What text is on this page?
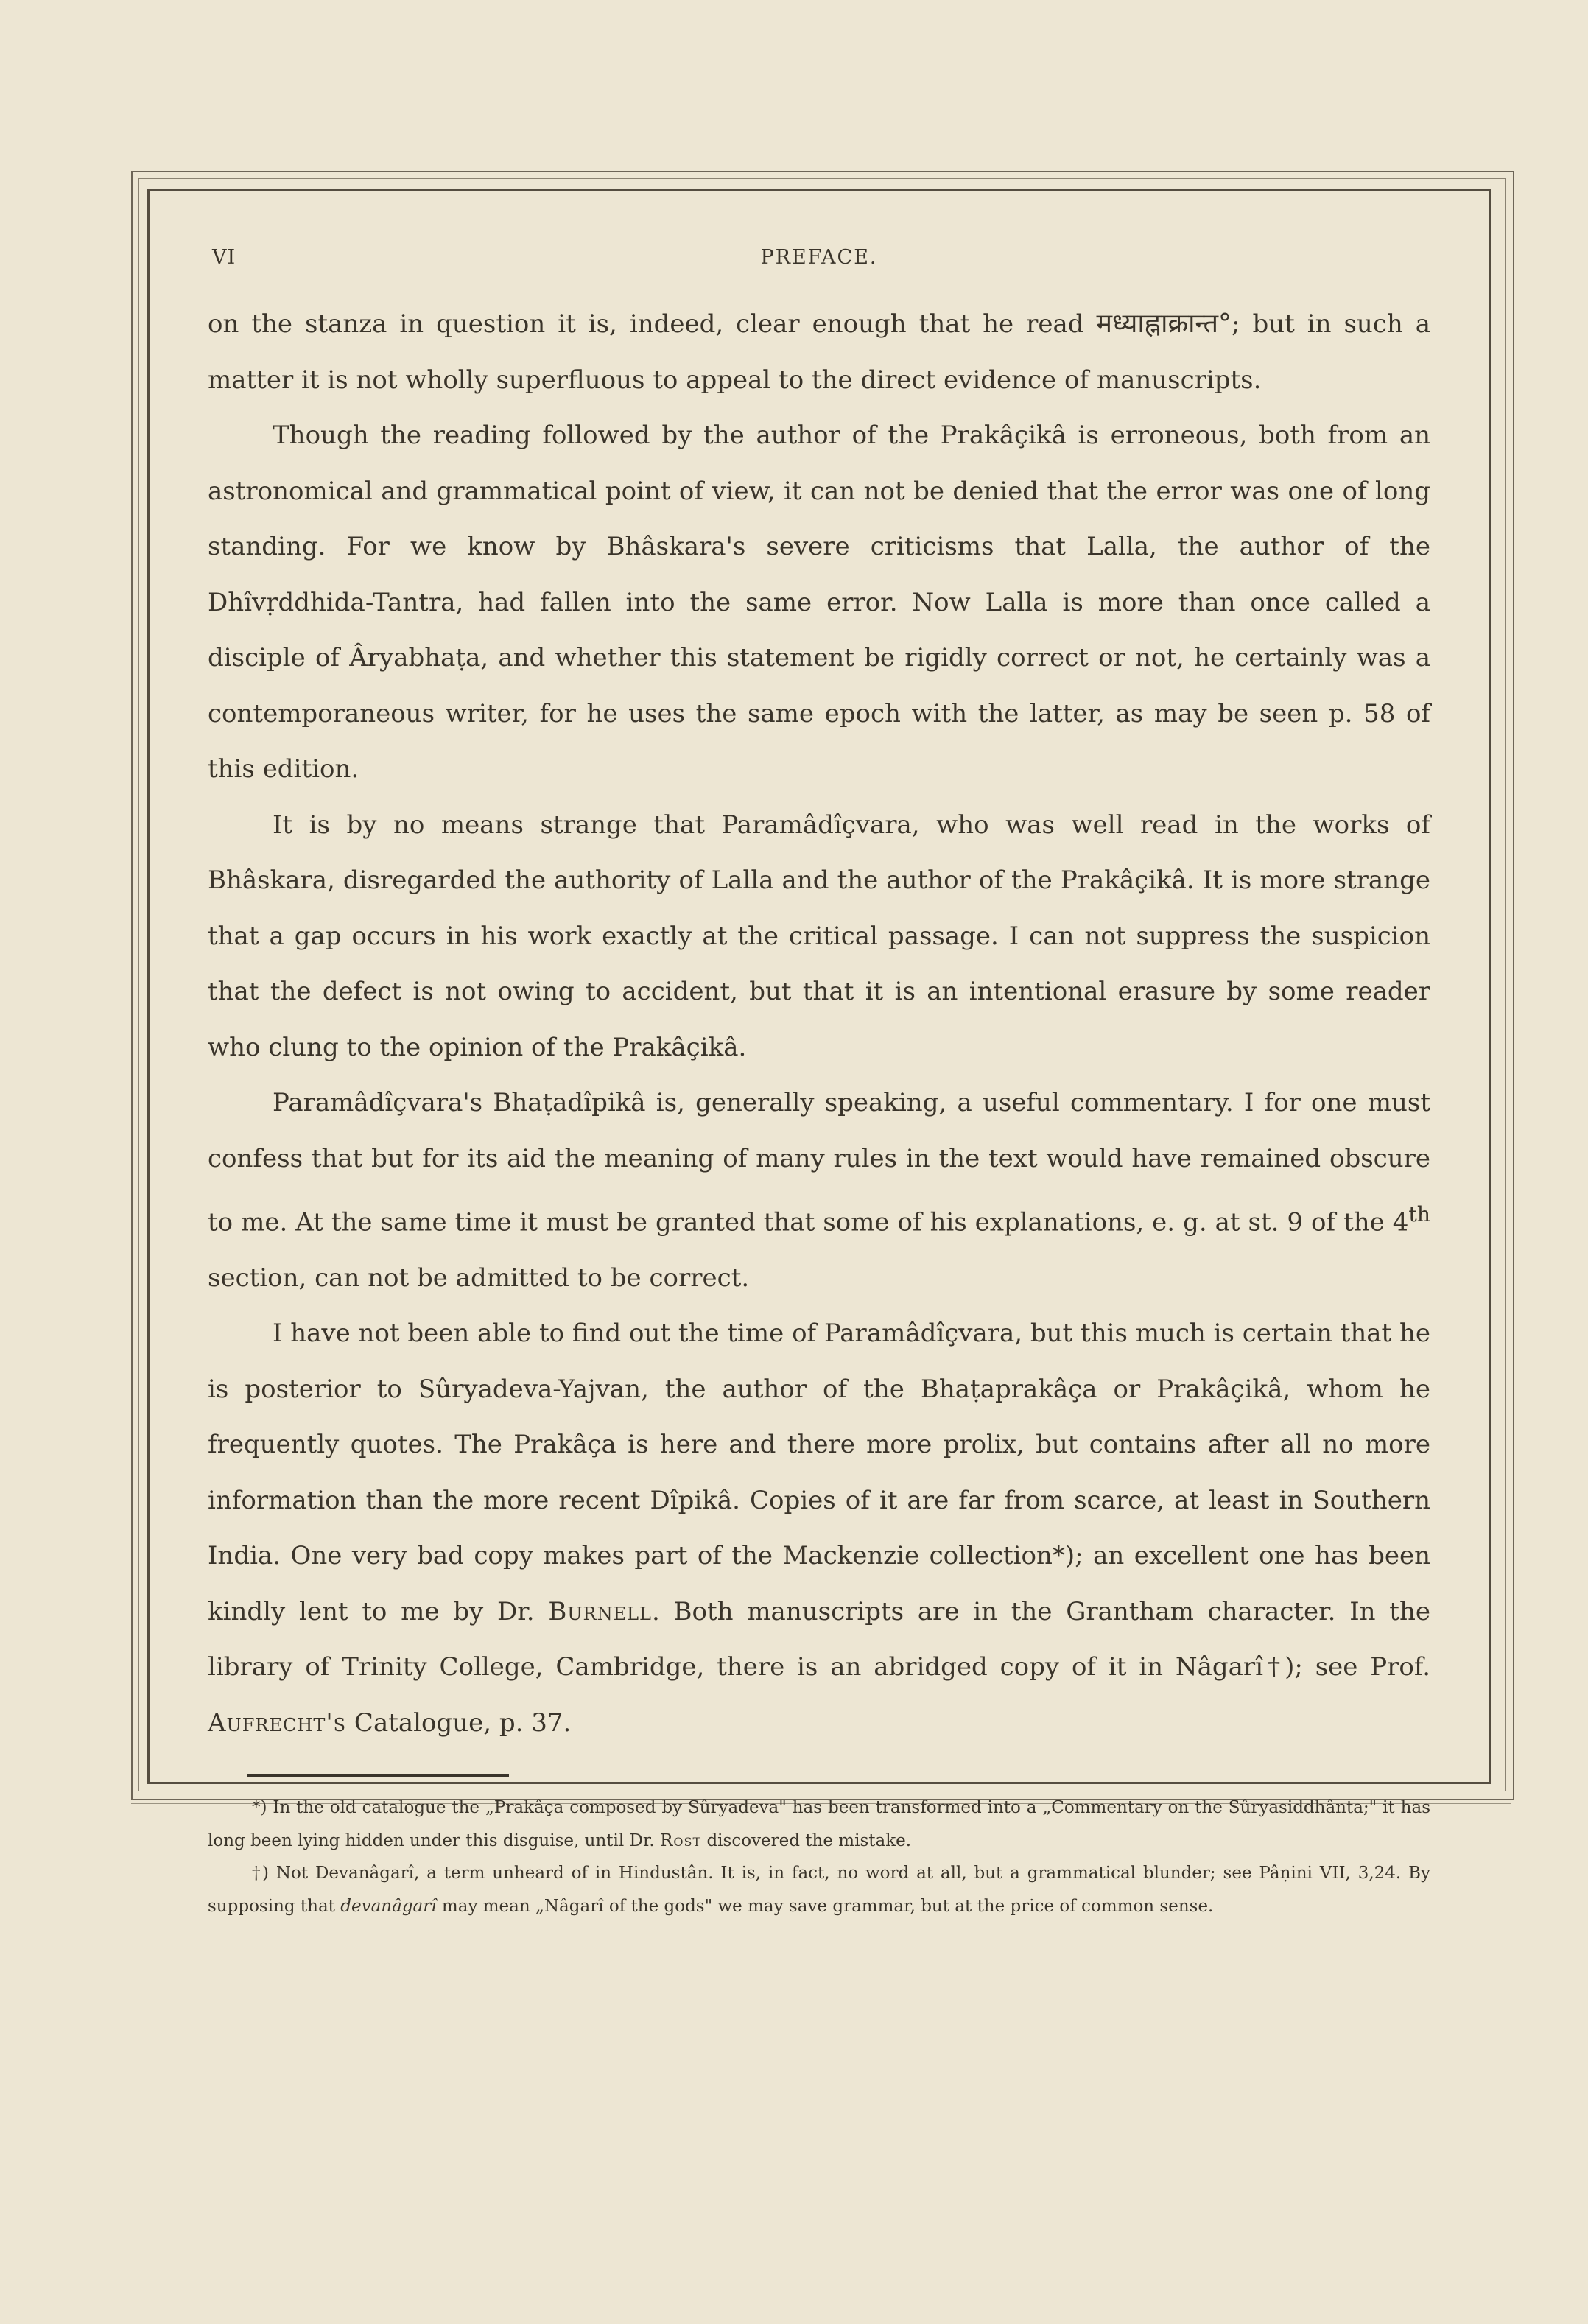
VI	PREFACE.

on the stanza in question it is, indeed, clear enough that he read मध्याह्नाक्रान्त°; but in such a matter it is not wholly superfluous to appeal to the direct evidence of manuscripts.

Though the reading followed by the author of the Prakâçikâ is erroneous, both from an astronomical and grammatical point of view, it can not be denied that the error was one of long standing. For we know by Bhâskara's severe criticisms that Lalla, the author of the Dhîvṛddhida-Tantra, had fallen into the same error. Now Lalla is more than once called a disciple of Âryabhaṭa, and whether this statement be rigidly correct or not, he certainly was a contemporaneous writer, for he uses the same epoch with the latter, as may be seen p. 58 of this edition.

It is by no means strange that Paramâdîçvara, who was well read in the works of Bhâskara, disregarded the authority of Lalla and the author of the Prakâçikâ. It is more strange that a gap occurs in his work exactly at the critical passage. I can not suppress the suspicion that the defect is not owing to accident, but that it is an intentional erasure by some reader who clung to the opinion of the Prakâçikâ.

Paramâdîçvara's Bhaṭadîpikâ is, generally speaking, a useful commentary. I for one must confess that but for its aid the meaning of many rules in the text would have remained obscure to me. At the same time it must be granted that some of his explanations, e. g. at st. 9 of the 4th section, can not be admitted to be correct.

I have not been able to find out the time of Paramâdîçvara, but this much is certain that he is posterior to Sûryadeva-Yajvan, the author of the Bhaṭaprakâça or Prakâçikâ, whom he frequently quotes. The Prakâça is here and there more prolix, but contains after all no more information than the more recent Dîpikâ. Copies of it are far from scarce, at least in Southern India. One very bad copy makes part of the Mackenzie collection*); an excellent one has been kindly lent to me by Dr. Burnell. Both manuscripts are in the Grantham character. In the library of Trinity College, Cambridge, there is an abridged copy of it in Nâgarî†); see Prof. Aufrecht's Catalogue, p. 37.

*) In the old catalogue the „Prakâça composed by Sûryadeva" has been transformed into a „Commentary on the Sûryasiddhânta;" it has long been lying hidden under this disguise, until Dr. Rost discovered the mistake.

†) Not Devanâgarî, a term unheard of in Hindustân. It is, in fact, no word at all, but a grammatical blunder; see Pâṇini VII, 3,24. By supposing that devanâgarî may mean „Nâgarî of the gods" we may save grammar, but at the price of common sense.
